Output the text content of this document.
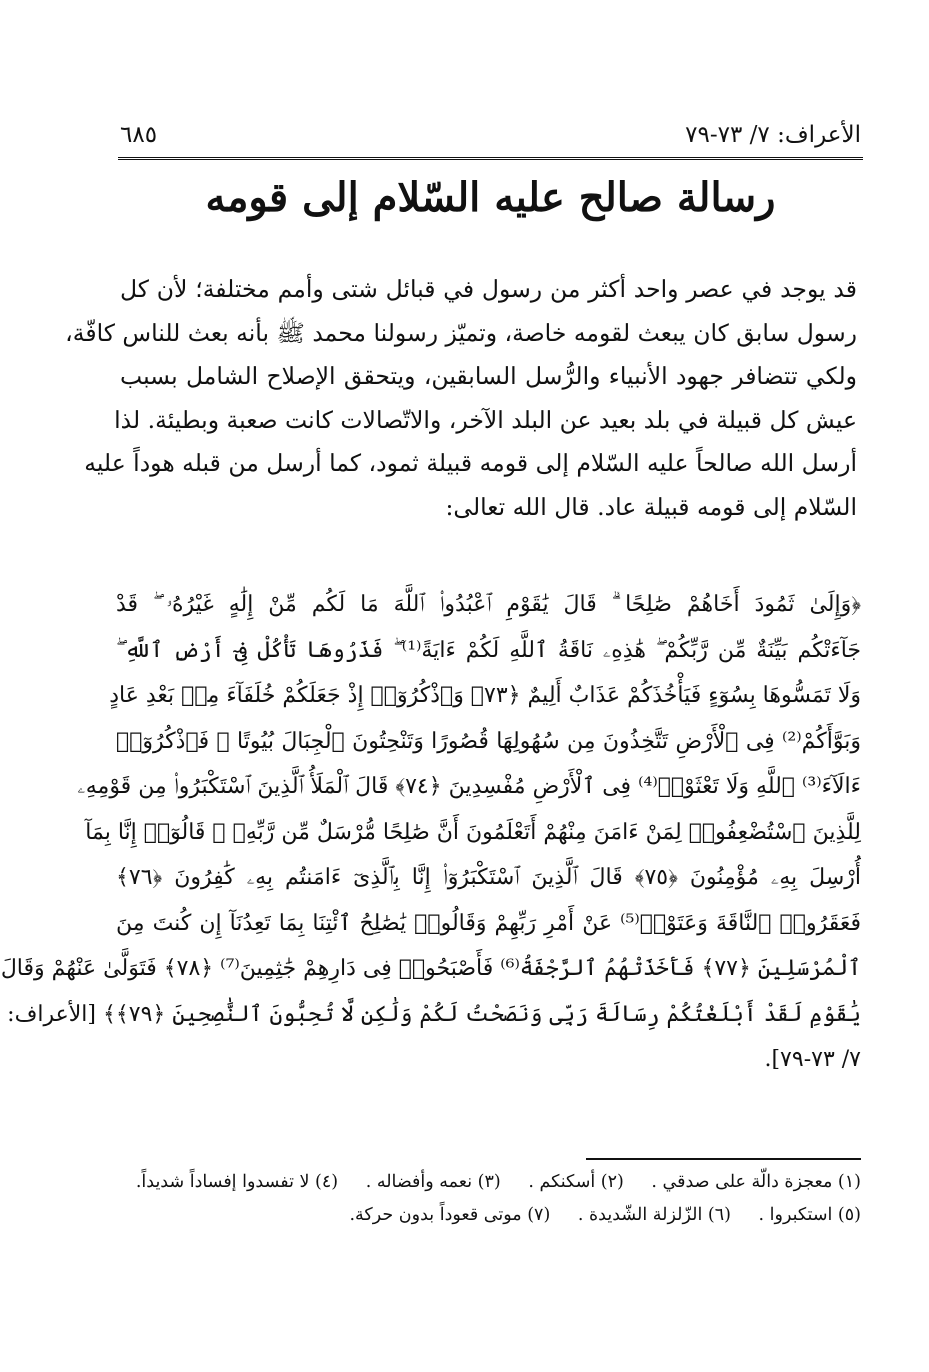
الأعراف: ٧/ ٧٣-٧٩
٦٨٥
رسالة صالح عليه السّلام إلى قومه
قد يوجد في عصر واحد أكثر من رسول في قبائل شتى وأمم مختلفة؛ لأن كل
رسول سابق كان يبعث لقومه خاصة، وتميّز رسولنا محمد ﷺ بأنه بعث للناس كافّة،
ولكي تتضافر جهود الأنبياء والرُّسل السابقين، ويتحقق الإصلاح الشامل بسبب
عيش كل قبيلة في بلد بعيد عن البلد الآخر، والاتّصالات كانت صعبة وبطيئة. لذا
أرسل الله صالحاً عليه السّلام إلى قومه قبيلة ثمود، كما أرسل من قبله هوداً عليه
السّلام إلى قومه قبيلة عاد. قال الله تعالى:
﴿وَإِلَىٰ ثَمُودَ أَخَاهُمْ صَٰلِحًا ۗ قَالَ يَٰقَوْمِ ٱعْبُدُوا۟ ٱللَّهَ مَا لَكُم مِّنْ إِلَٰهٍ غَيْرُهُۥ ۖ قَدْ
جَآءَتْكُم بَيِّنَةٌ مِّن رَّبِّكُمْ ۖ هَٰذِهِۦ نَاقَةُ ٱللَّهِ لَكُمْ ءَايَةً⁽¹⁾ ۖ فَذَرُوهَا تَأْكُلْ فِىٓ أَرْضِ ٱللَّهِ ۖ
وَلَا تَمَسُّوهَا بِسُوٓءٍ فَيَأْخُذَكُمْ عَذَابٌ أَلِيمٌ ﴿٧٣﴾ وَٱذْكُرُوٓا۟ إِذْ جَعَلَكُمْ خُلَفَآءَ مِنۢ بَعْدِ عَادٍ
وَبَوَّأَكُمْ⁽²⁾ فِى ٱلْأَرْضِ تَتَّخِذُونَ مِن سُهُولِهَا قُصُورًا وَتَنْحِتُونَ ٱلْجِبَالَ بُيُوتًا ۖ فَٱذْكُرُوٓا۟
ءَالَآءَ⁽³⁾ ٱللَّهِ وَلَا تَعْثَوْا۟⁽⁴⁾ فِى ٱلْأَرْضِ مُفْسِدِينَ ﴿٧٤﴾ قَالَ ٱلْمَلَأُ ٱلَّذِينَ ٱسْتَكْبَرُوا۟ مِن قَوْمِهِۦ
لِلَّذِينَ ٱسْتُضْعِفُوا۟ لِمَنْ ءَامَنَ مِنْهُمْ أَتَعْلَمُونَ أَنَّ صَٰلِحًا مُّرْسَلٌ مِّن رَّبِّهِۦ ۚ قَالُوٓا۟ إِنَّا بِمَآ
أُرْسِلَ بِهِۦ مُؤْمِنُونَ ﴿٧٥﴾ قَالَ ٱلَّذِينَ ٱسْتَكْبَرُوٓا۟ إِنَّا بِٱلَّذِىٓ ءَامَنتُم بِهِۦ كَٰفِرُونَ ﴿٧٦﴾
فَعَقَرُوا۟ ٱلنَّاقَةَ وَعَتَوْا۟⁽⁵⁾ عَنْ أَمْرِ رَبِّهِمْ وَقَالُوا۟ يَٰصَٰلِحُ ٱئْتِنَا بِمَا تَعِدُنَآ إِن كُنتَ مِنَ
ٱلْمُرْسَلِينَ ﴿٧٧﴾ فَأَخَذَتْهُمُ ٱلرَّجْفَةُ⁽⁶⁾ فَأَصْبَحُوا۟ فِى دَارِهِمْ جَٰثِمِينَ⁽⁷⁾ ﴿٧٨﴾ فَتَوَلَّىٰ عَنْهُمْ وَقَالَ
يَٰقَوْمِ لَقَدْ أَبْلَغْتُكُمْ رِسَالَةَ رَبِّى وَنَصَحْتُ لَكُمْ وَلَٰكِن لَّا تُحِبُّونَ ٱلنَّٰصِحِينَ ﴿٧٩﴾﴾ [الأعراف:
٧/ ٧٣-٧٩].
(١) معجزة دالّة على صدقي . (٢) أسكنكم . (٣) نعمه وأفضاله . (٤) لا تفسدوا إفساداً شديداً.
(٥) استكبروا . (٦) الزّلزلة الشّديدة . (٧) موتى قعوداً بدون حركة.
